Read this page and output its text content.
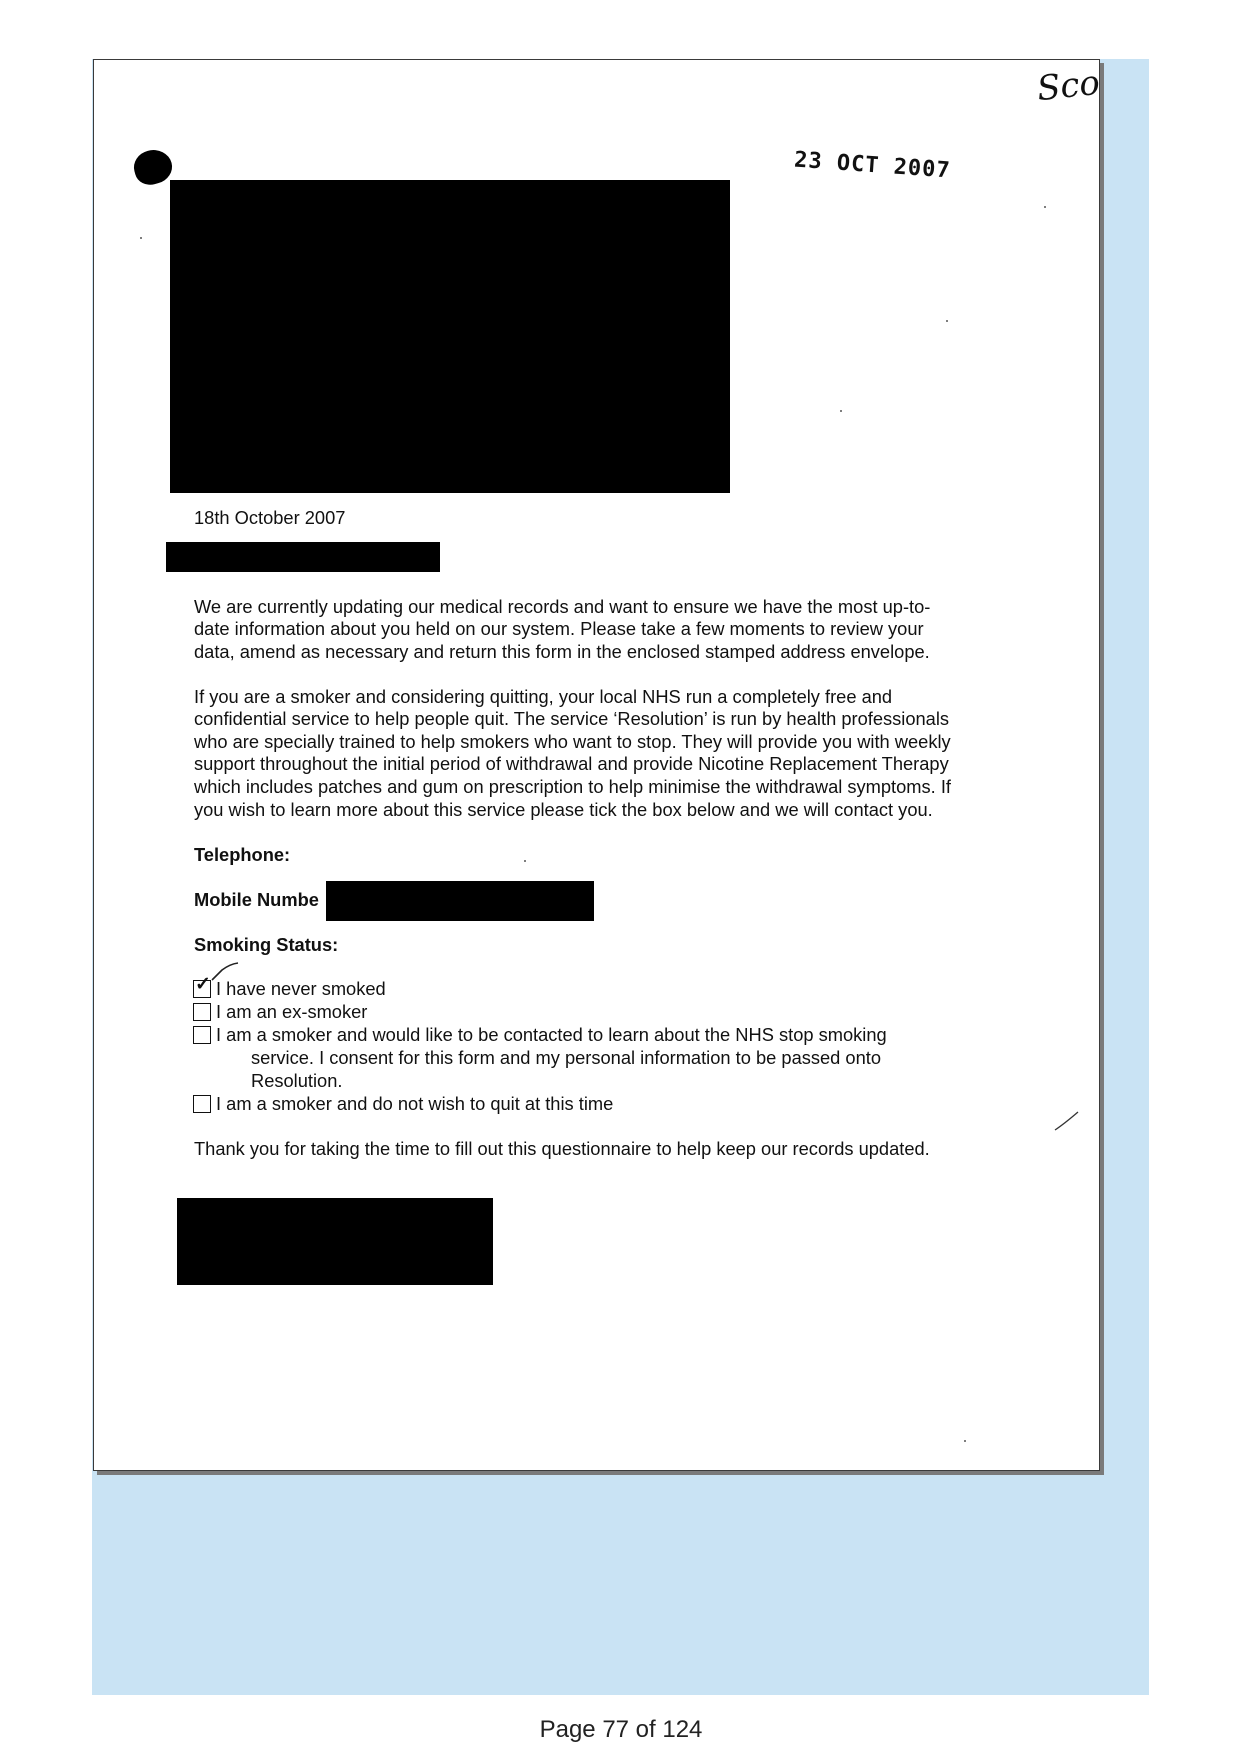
Sco
23 OCT 2007
18th October 2007
We are currently updating our medical records and want to ensure we have the most up-to-
date information about you held on our system. Please take a few moments to review your
data, amend as necessary and return this form in the enclosed stamped address envelope.
If you are a smoker and considering quitting, your local NHS run a completely free and
confidential service to help people quit. The service ‘Resolution’ is run by health professionals
who are specially trained to help smokers who want to stop. They will provide you with weekly
support throughout the initial period of withdrawal and provide Nicotine Replacement Therapy
which includes patches and gum on prescription to help minimise the withdrawal symptoms. If
you wish to learn more about this service please tick the box below and we will contact you.
Telephone:
Mobile Numbe
Smoking Status:
✓ I have never smoked
I am an ex-smoker
I am a smoker and would like to be contacted to learn about the NHS stop smoking
service. I consent for this form and my personal information to be passed onto
Resolution.
I am a smoker and do not wish to quit at this time
Thank you for taking the time to fill out this questionnaire to help keep our records updated.
Page 77 of 124
